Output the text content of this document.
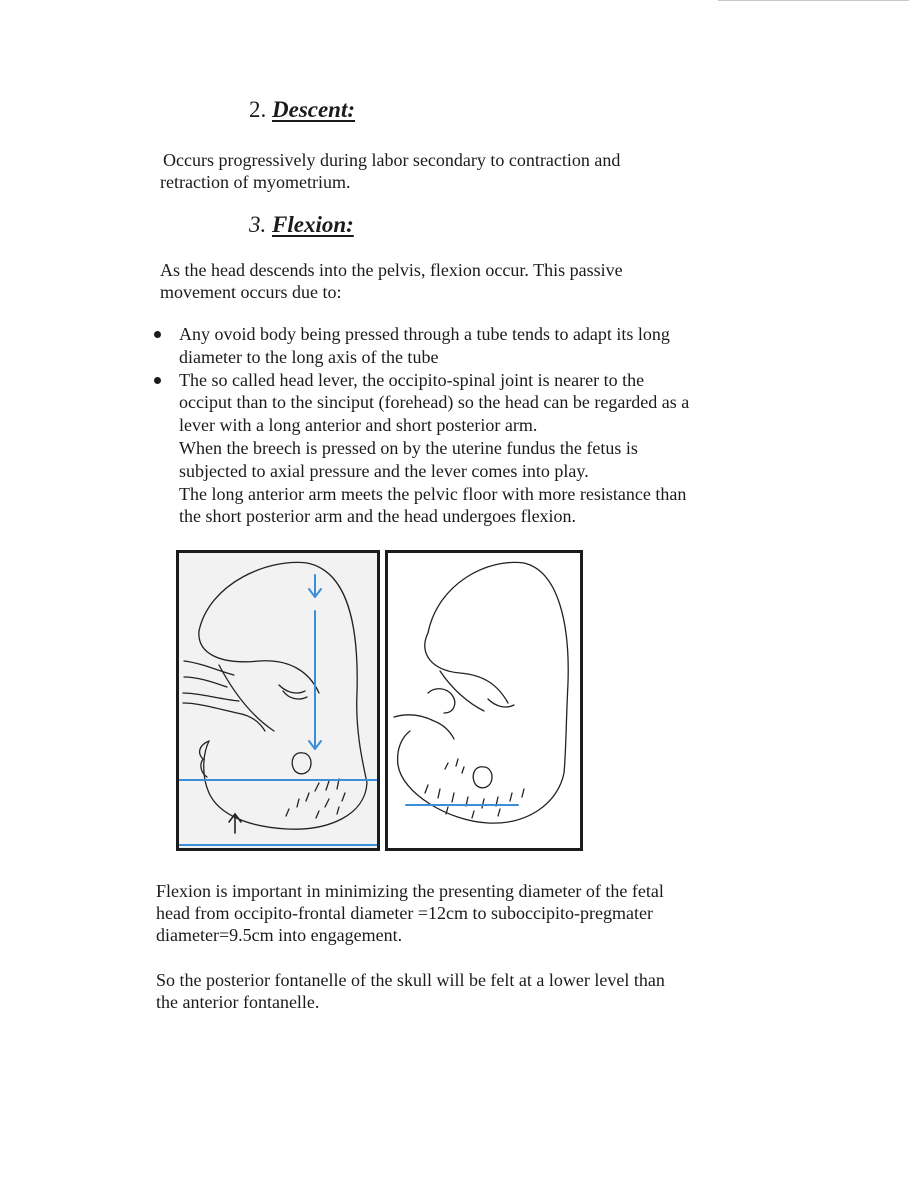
2. Descent:
Occurs progressively during labor secondary to contraction and
retraction of myometrium.
3. Flexion:
As the head descends into the pelvis, flexion occur. This passive
movement occurs due to:
Any ovoid body being pressed through a tube tends to adapt its long
diameter to the long axis of the tube
The so called head lever, the occipito-spinal joint is nearer to the
occiput than to the sinciput (forehead) so the head can be regarded as a
lever with a long anterior and short posterior arm.
When the breech is pressed on by the uterine fundus the fetus is
subjected to axial pressure and the lever comes into play.
The long anterior arm meets the pelvic floor with more resistance than
the short posterior arm and the head undergoes flexion.
Flexion is important in minimizing the presenting diameter of the fetal
head from occipito-frontal diameter =12cm to suboccipito-pregmater
diameter=9.5cm into engagement.
So the posterior fontanelle of the skull will be felt at a lower level than
the anterior fontanelle.
